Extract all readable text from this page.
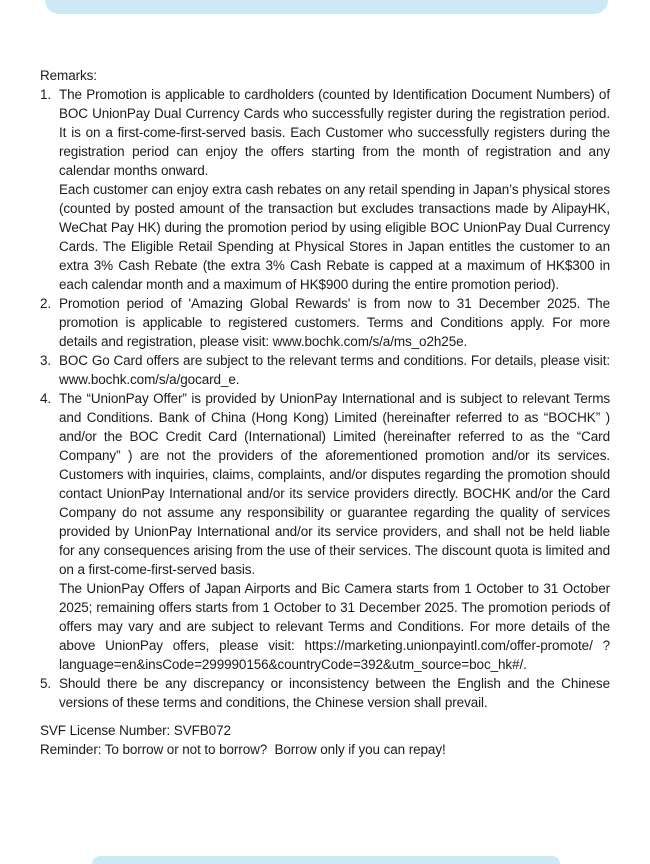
Remarks:
1. The Promotion is applicable to cardholders (counted by Identification Document Numbers) of BOC UnionPay Dual Currency Cards who successfully register during the registration period. It is on a first-come-first-served basis. Each Customer who successfully registers during the registration period can enjoy the offers starting from the month of registration and any calendar months onward.

Each customer can enjoy extra cash rebates on any retail spending in Japan’s physical stores (counted by posted amount of the transaction but excludes transactions made by AlipayHK, WeChat Pay HK) during the promotion period by using eligible BOC UnionPay Dual Currency Cards. The Eligible Retail Spending at Physical Stores in Japan entitles the customer to an extra 3% Cash Rebate (the extra 3% Cash Rebate is capped at a maximum of HK$300 in each calendar month and a maximum of HK$900 during the entire promotion period).

2. Promotion period of 'Amazing Global Rewards' is from now to 31 December 2025. The promotion is applicable to registered customers. Terms and Conditions apply. For more details and registration, please visit: www.bochk.com/s/a/ms_o2h25e.

3. BOC Go Card offers are subject to the relevant terms and conditions. For details, please visit: www.bochk.com/s/a/gocard_e.

4. The “UnionPay Offer” is provided by UnionPay International and is subject to relevant Terms and Conditions. Bank of China (Hong Kong) Limited (hereinafter referred to as “BOCHK” ) and/or the BOC Credit Card (International) Limited (hereinafter referred to as the “Card Company” ) are not the providers of the aforementioned promotion and/or its services. Customers with inquiries, claims, complaints, and/or disputes regarding the promotion should contact UnionPay International and/or its service providers directly. BOCHK and/or the Card Company do not assume any responsibility or guarantee regarding the quality of services provided by UnionPay International and/or its service providers, and shall not be held liable for any consequences arising from the use of their services. The discount quota is limited and on a first-come-first-served basis.

The UnionPay Offers of Japan Airports and Bic Camera starts from 1 October to 31 October 2025; remaining offers starts from 1 October to 31 December 2025. The promotion periods of offers may vary and are subject to relevant Terms and Conditions. For more details of the above UnionPay offers, please visit: https://marketing.unionpayintl.com/offer-promote/ ?language=en&insCode=299990156&countryCode=392&utm_source=boc_hk#/.

5. Should there be any discrepancy or inconsistency between the English and the Chinese versions of these terms and conditions, the Chinese version shall prevail.

SVF License Number: SVFB072
Reminder: To borrow or not to borrow?  Borrow only if you can repay!
